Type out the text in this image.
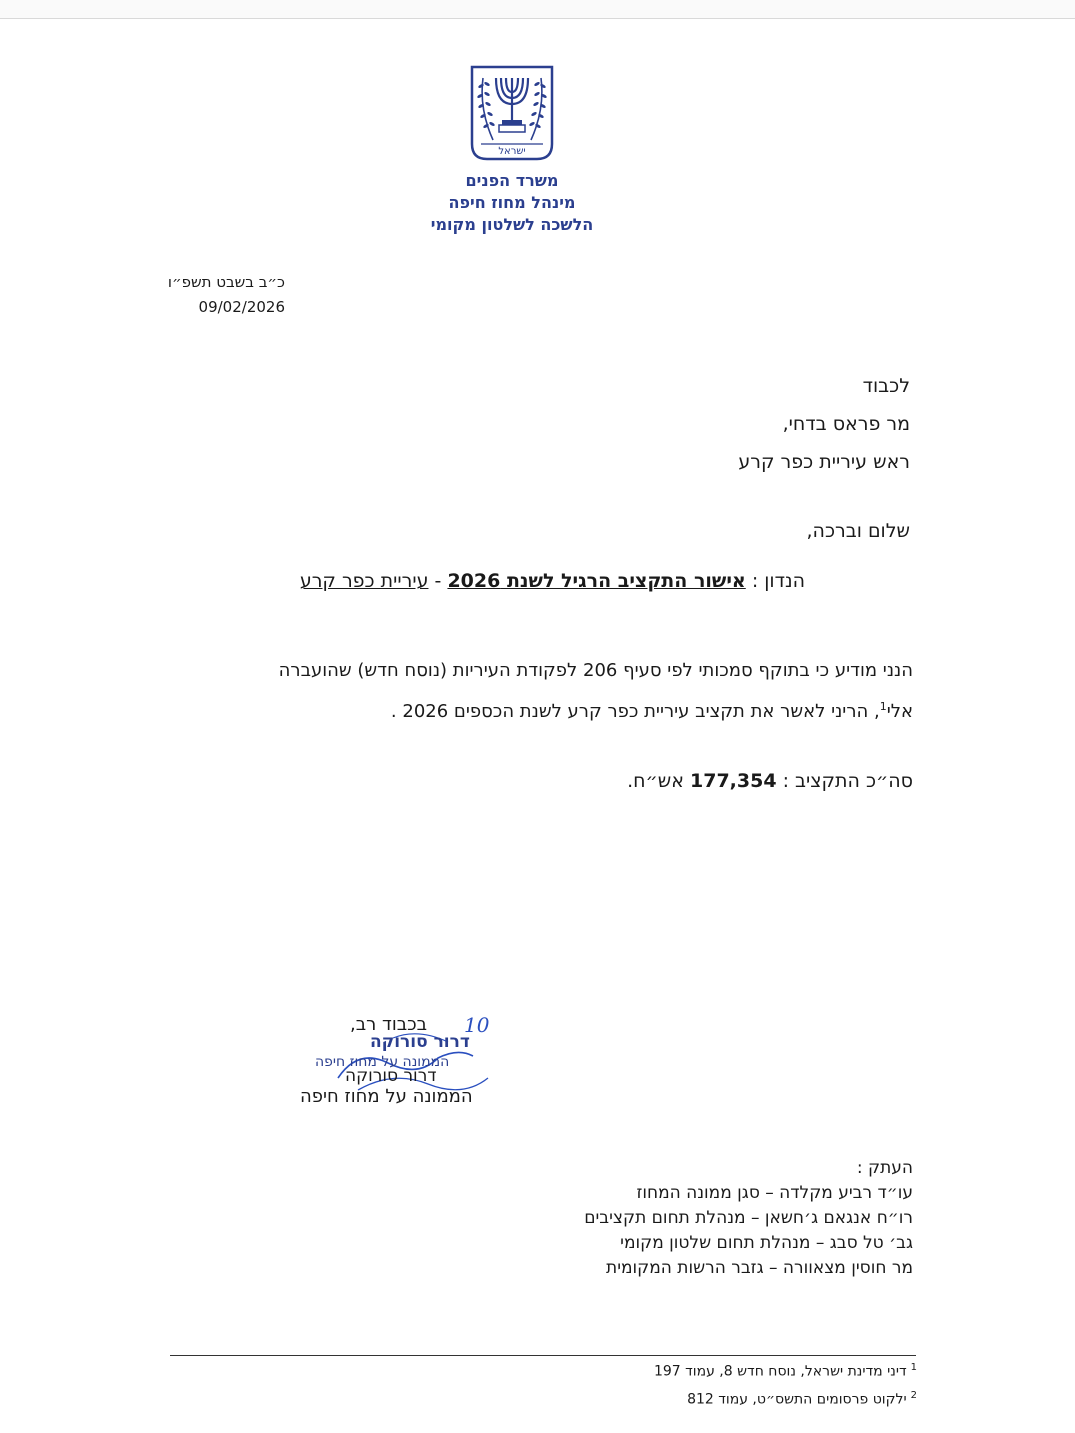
ישראל
משרד הפנים
מינהל מחוז חיפה
הלשכה לשלטון מקומי
כ״ב בשבט תשפ״ו
09/02/2026
לכבוד
מר פראס בדחי,
ראש עיריית כפר קרע
שלום וברכה,
הנדון : אישור התקציב הרגיל לשנת 2026 - עיריית כפר קרע
הנני מודיע כי בתוקף סמכותי לפי סעיף 206 לפקודת העיריות (נוסח חדש) שהועברה
אלי$^1$, הריני לאשר את תקציב עיריית כפר קרע לשנת הכספים 2026 .
סה״כ התקציב : 177,354 אש״ח.
10
בכבוד רב,
דרור סורוקה
הממונה על מחוז חיפה
דרור סורוקה
הממונה על מחוז חיפה
העתק :
עו״ד רביע מקלדה – סגן ממונה המחוז
רו״ח אנגאם ג׳חשאן – מנהלת תחום תקציבים
גב׳ טל סבג – מנהלת תחום שלטון מקומי
מר חוסין מצאוורה – גזבר הרשות המקומית
$^1$דיני מדינת ישראל, נוסח חדש 8, עמוד 197
$^2$ילקוט פרסומים התשס״ט, עמוד 812
